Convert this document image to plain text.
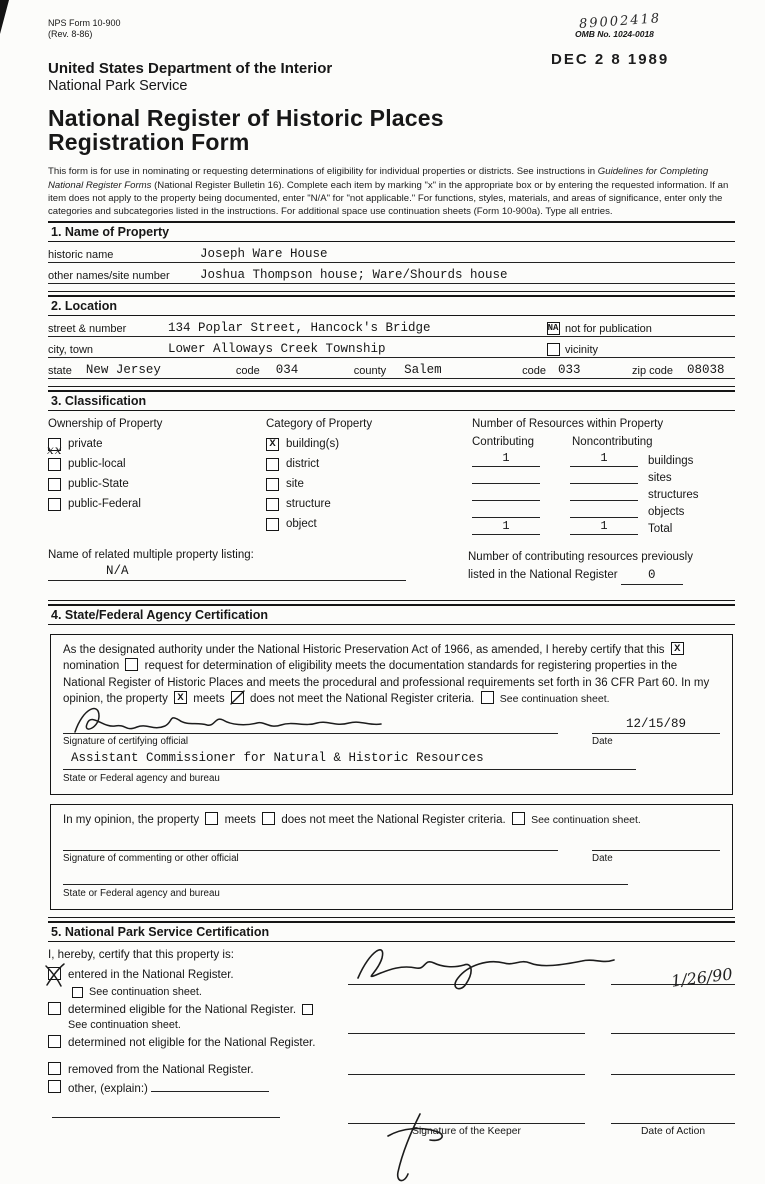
NPS Form 10-900
(Rev. 8-86)
89002418
OMB No. 1024-0018
DEC 2 8 1989
United States Department of the Interior
National Park Service
National Register of Historic Places
Registration Form

This form is for use in nominating or requesting determinations of eligibility for individual properties or districts. See instructions in Guidelines for Completing National Register Forms (National Register Bulletin 16). Complete each item by marking "x" in the appropriate box or by entering the requested information. If an item does not apply to the property being documented, enter "N/A" for "not applicable." For functions, styles, materials, and areas of significance, enter only the categories and subcategories listed in the instructions. For additional space use continuation sheets (Form 10-900a). Type all entries.

1. Name of Property
historic name	Joseph Ware House
other names/site number	Joshua Thompson house; Ware/Shourds house
2. Location
street & number	134 Poplar Street, Hancock's Bridge	NA not for publication
city, town	Lower Alloways Creek Township	vicinity
state	New Jersey	code	034	county	Salem	code 033	zip code	08038
3. Classification
Ownership of Property
xx private
public-local
public-State
public-Federal
Category of Property
X building(s)
district
site
structure
object
Number of Resources within Property
Contributing	Noncontributing
1	1	buildings
sites
structures
objects
1	1	Total
Name of related multiple property listing:
N/A
Number of contributing resources previously
listed in the National Register 0
4. State/Federal Agency Certification
As the designated authority under the National Historic Preservation Act of 1966, as amended, I hereby certify that this X
nomination request for determination of eligibility meets the documentation standards for registering properties in the National Register of Historic Places and meets the procedural and professional requirements set forth in 36 CFR Part 60. In my opinion, the property X meets does not meet the National Register criteria. See continuation sheet.
12/15/89
Signature of certifying official	Date
Assistant Commissioner for Natural & Historic Resources
State or Federal agency and bureau
In my opinion, the property meets does not meet the National Register criteria. See continuation sheet.
Signature of commenting or other official	Date
State or Federal agency and bureau
5. National Park Service Certification
I, hereby, certify that this property is:
entered in the National Register.
See continuation sheet.
determined eligible for the National Register.  See continuation sheet.
determined not eligible for the National Register.
removed from the National Register.
other, (explain:)
1/26/90
Signature of the Keeper	Date of Action
